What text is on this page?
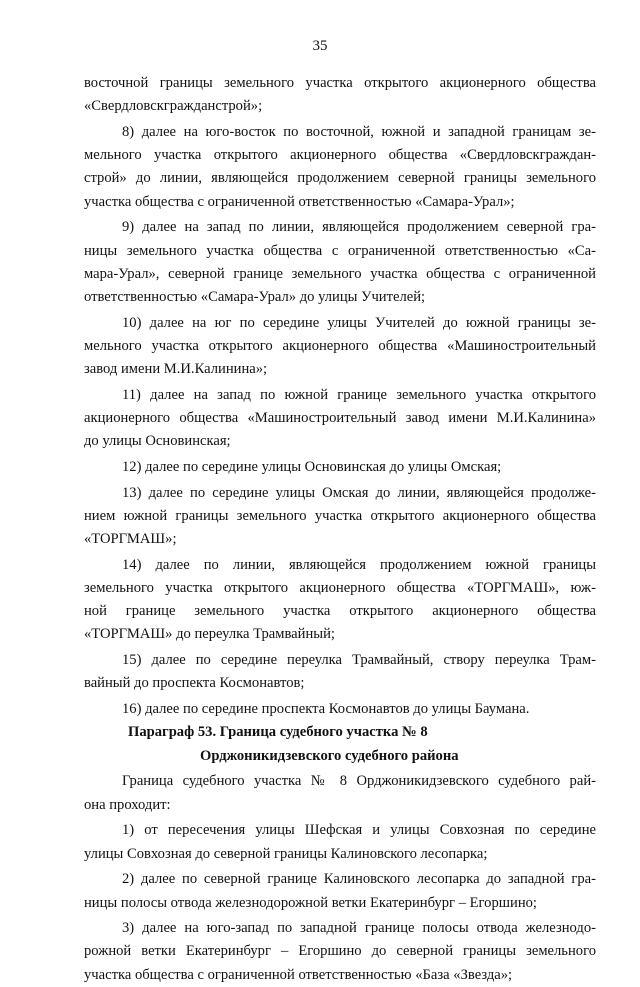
35
восточной границы земельного участка открытого акционерного общества
«Свердловскгражданстрой»;
8) далее на юго-восток по восточной, южной и западной границам зе-
мельного участка открытого акционерного общества «Свердловскграждан-
строй» до линии, являющейся продолжением северной границы земельного
участка общества с ограниченной ответственностью «Самара-Урал»;
9) далее на запад по линии, являющейся продолжением северной гра-
ницы земельного участка общества с ограниченной ответственностью «Са-
мара-Урал», северной границе земельного участка общества с ограниченной
ответственностью «Самара-Урал» до улицы Учителей;
10) далее на юг по середине улицы Учителей до южной границы зе-
мельного участка открытого акционерного общества «Машиностроительный
завод имени М.И.Калинина»;
11) далее на запад по южной границе земельного участка открытого
акционерного общества «Машиностроительный завод имени М.И.Калинина»
до улицы Основинская;
12) далее по середине улицы Основинская до улицы Омская;
13) далее по середине улицы Омская до линии, являющейся продолже-
нием южной границы земельного участка открытого акционерного общества
«ТОРГМАШ»;
14) далее по линии, являющейся продолжением южной границы
земельного участка открытого акционерного общества «ТОРГМАШ», юж-
ной границе земельного участка открытого акционерного общества
«ТОРГМАШ» до переулка Трамвайный;
15) далее по середине переулка Трамвайный, створу переулка Трам-
вайный до проспекта Космонавтов;
16) далее по середине проспекта Космонавтов до улицы Баумана.
Параграф 53. Граница судебного участка № 8
Орджоникидзевского судебного района
Граница судебного участка № 8 Орджоникидзевского судебного рай-
она проходит:
1) от пересечения улицы Шефская и улицы Совхозная по середине
улицы Совхозная до северной границы Калиновского лесопарка;
2) далее по северной границе Калиновского лесопарка до западной гра-
ницы полосы отвода железнодорожной ветки Екатеринбург – Егоршино;
3) далее на юго-запад по западной границе полосы отвода железнодо-
рожной ветки Екатеринбург – Егоршино до северной границы земельного
участка общества с ограниченной ответственностью «База «Звезда»;
